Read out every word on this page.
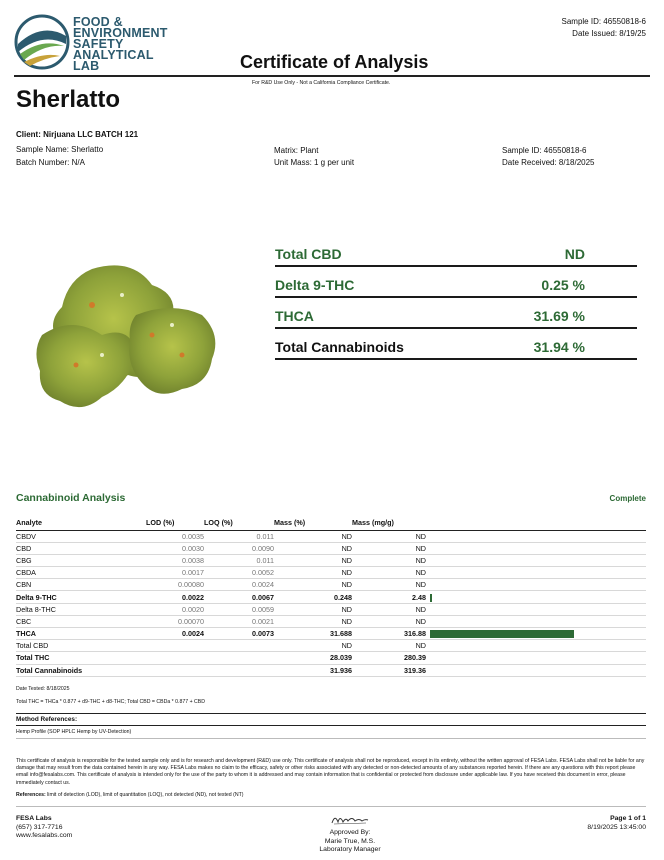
FOOD &
ENVIRONMENT
SAFETY
ANALYTICAL LAB
Sample ID: 46550818-6
Date Issued: 8/19/25
Certificate of Analysis
For R&D Use Only - Not a California Compliance Certificate.
Sherlatto
Client: Nirjuana LLC BATCH 121
Sample Name: Sherlatto
Batch Number: N/A
Matrix: Plant
Unit Mass: 1 g per unit
Sample ID: 46550818-6
Date Received: 8/18/2025
Total CBD	ND
Delta 9-THC	0.25 %
THCA	31.69 %
Total Cannabinoids	31.94 %
Cannabinoid Analysis	Complete
Analyte	LOD (%)	LOQ (%)	Mass (%)	Mass (mg/g)	
CBDV	0.0035	0.011	ND	ND	
CBD	0.0030	0.0090	ND	ND	
CBG	0.0038	0.011	ND	ND	
CBDA	0.0017	0.0052	ND	ND	
CBN	0.00080	0.0024	ND	ND	
Delta 9-THC	0.0022	0.0067	0.248	2.48	
Delta 8-THC	0.0020	0.0059	ND	ND	
CBC	0.00070	0.0021	ND	ND	
THCA	0.0024	0.0073	31.688	316.88	
Total CBD			ND	ND	
Total THC			28.039	280.39	
Total Cannabinoids			31.936	319.36	
Date Tested: 8/18/2025
Total THC = THCa * 0.877 + d9-THC + d8-THC; Total CBD = CBDa * 0.877 + CBD
Method References:
Hemp Profile (SOP HPLC Hemp by UV-Detection)
This certificate of analysis is responsible for the tested sample only and is for research and development (R&D) use only. This certificate of analysis shall not be reproduced, except in its entirety, without the written approval of FESA Labs. FESA Labs shall not be liable for any damage that may result from the data contained herein in any way. FESA Labs makes no claim to the efficacy, safety or other risks associated with any detected or non-detected amounts of any substances reported herein. If there are any questions with this report please email info@fesalabs.com. This certificate of analysis is intended only for the use of the party to whom it is addressed and may contain information that is confidential or protected from disclosure under applicable law. If you have received this document in error, please immediately contact us.
References: limit of detection (LOD), limit of quantitation (LOQ), not detected (ND), not tested (NT)
FESA Labs
(657) 317-7716
www.fesalabs.com	Approved By:
Marie True, M.S.
Laboratory Manager
Page 1 of 1
8/19/2025 13:45:00
